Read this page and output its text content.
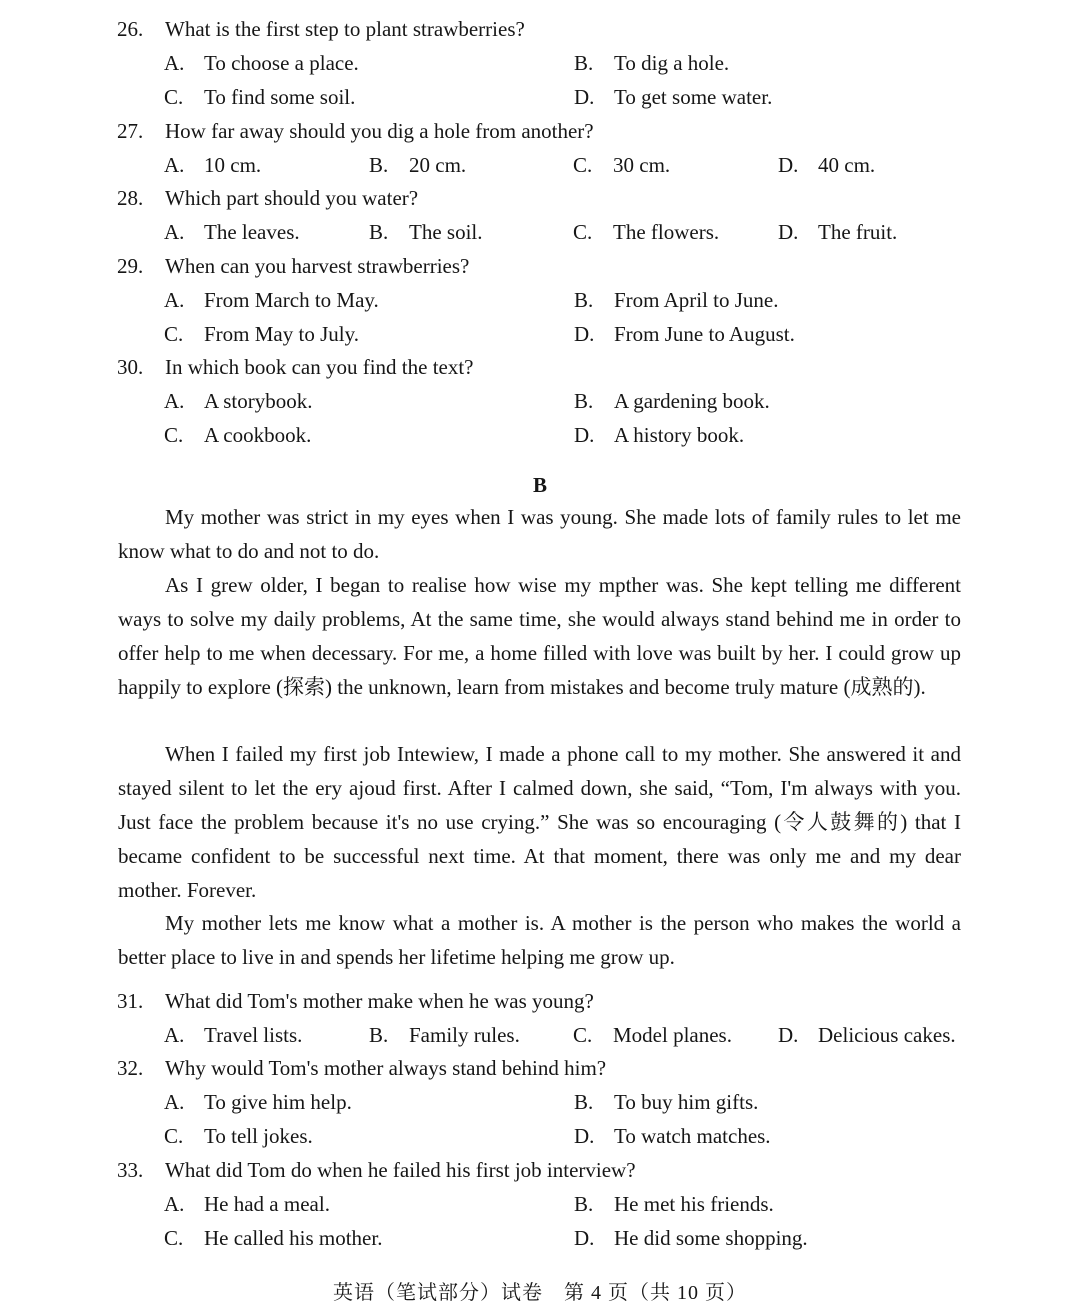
26. What is the first step to plant strawberries?
A. To choose a place.	B. To dig a hole.
C. To find some soil.	D. To get some water.
27. How far away should you dig a hole from another?
A. 10 cm.	B. 20 cm.	C. 30 cm.	D. 40 cm.
28. Which part should you water?
A. The leaves.	B. The soil.	C. The flowers.	D. The fruit.
29. When can you harvest strawberries?
A. From March to May.	B. From April to June.
C. From May to July.	D. From June to August.
30. In which book can you find the text?
A. A storybook.	B. A gardening book.
C. A cookbook.	D. A history book.
B

My mother was strict in my eyes when I was young. She made lots of family rules to let me know what to do and not to do.

As I grew older, I began to realise how wise my mpther was. She kept telling me different ways to solve my daily problems, At the same time, she would always stand behind me in order to offer help to me when decessary. For me, a home filled with love was built by her. I could grow up happily to explore (探索) the unknown, learn from mistakes and become truly mature (成熟的).

When I failed my first job Intewiew, I made a phone call to my mother. She answered it and stayed silent to let the ery ajoud first. After I calmed down, she said, “Tom, I'm always with you. Just face the problem because it's no use crying.” She was so encouraging (令人鼓舞的) that I became confident to be successful next time. At that moment, there was only me and my dear mother. Forever.

My mother lets me know what a mother is. A mother is the person who makes the world a better place to live in and spends her lifetime helping me grow up.

31. What did Tom's mother make when he was young?
A. Travel lists.	B. Family rules.	C. Model planes. D. Delicious cakes.
32. Why would Tom's mother always stand behind him?
A. To give him help.	B. To buy him gifts.
C. To tell jokes.	D. To watch matches.
33. What did Tom do when he failed his first job interview?
A. He had a meal.	B. He met his friends.
C. He called his mother.	D. He did some shopping.
英语（笔试部分）试卷　第 4 页（共 10 页）
